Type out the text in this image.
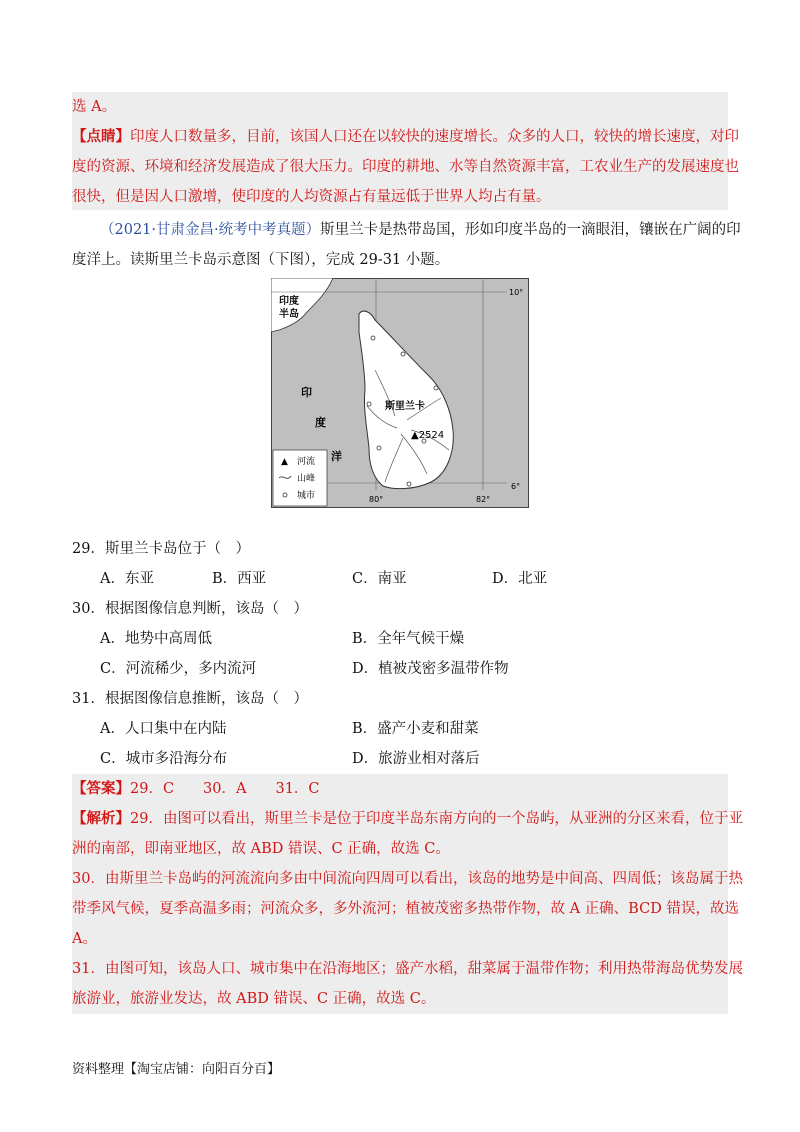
选 A。
【点睛】印度人口数量多，目前，该国人口还在以较快的速度增长。众多的人口，较快的增长速度，对印
度的资源、环境和经济发展造成了很大压力。印度的耕地、水等自然资源丰富，工农业生产的发展速度也
很快，但是因人口激增，使印度的人均资源占有量远低于世界人均占有量。
（2021·甘肃金昌·统考中考真题）斯里兰卡是热带岛国，形如印度半岛的一滴眼泪，镶嵌在广阔的印
度洋上。读斯里兰卡岛示意图（下图），完成 29-31 小题。
印度
半岛
印
度
洋
斯里兰卡
▲2524
10°
6°
80°	82°
▲ 河流
山峰
城市
29．斯里兰卡岛位于（　）
A．东亚	B．西亚	C．南亚	D．北亚
30．根据图像信息判断，该岛（　）
A．地势中高周低	B．全年气候干燥
C．河流稀少，多内流河	D．植被茂密多温带作物
31．根据图像信息推断，该岛（　）
A．人口集中在内陆	B．盛产小麦和甜菜
C．城市多沿海分布	D．旅游业相对落后
【答案】29．C　　30．A　　31．C
【解析】29．由图可以看出，斯里兰卡是位于印度半岛东南方向的一个岛屿，从亚洲的分区来看，位于亚
洲的南部，即南亚地区，故 ABD 错误、C 正确，故选 C。
30．由斯里兰卡岛屿的河流流向多由中间流向四周可以看出，该岛的地势是中间高、四周低；该岛属于热
带季风气候，夏季高温多雨；河流众多，多外流河；植被茂密多热带作物，故 A 正确、BCD 错误，故选
A。
31．由图可知，该岛人口、城市集中在沿海地区；盛产水稻，甜菜属于温带作物；利用热带海岛优势发展
旅游业，旅游业发达，故 ABD 错误、C 正确，故选 C。
资料整理【淘宝店铺：向阳百分百】
